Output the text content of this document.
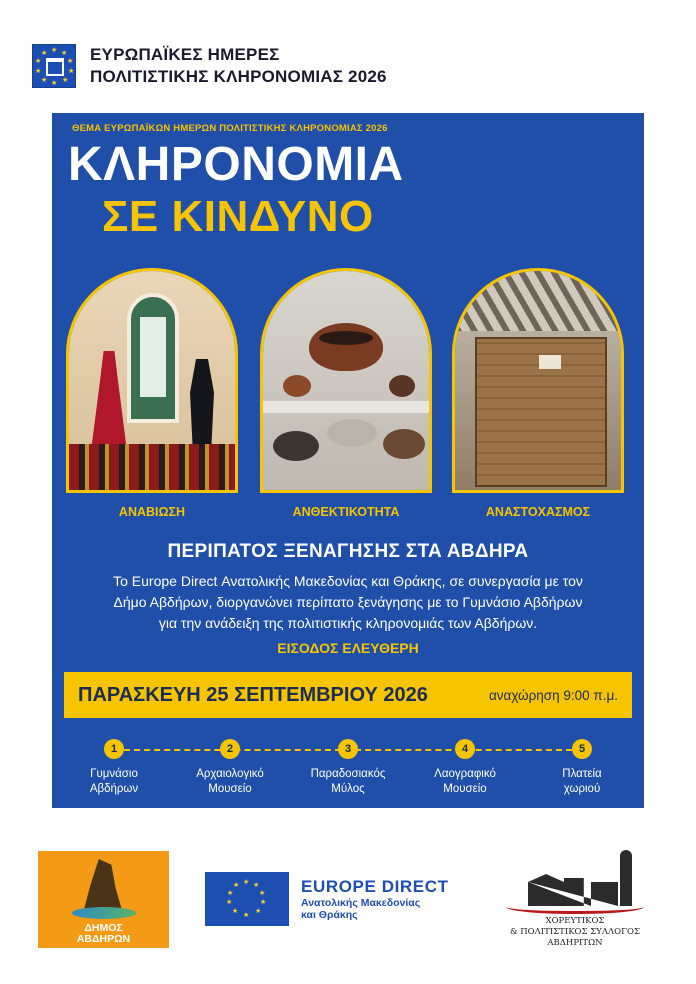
★ ★
★
★
★
★
★
★
★
★	ΕΥΡΩΠΑΪΚΕΣ ΗΜΕΡΕΣ
ΠΟΛΙΤΙΣΤΙΚΗΣ ΚΛΗΡΟΝΟΜΙΑΣ 2026
ΘΕΜΑ ΕΥΡΩΠΑΪΚΩΝ ΗΜΕΡΩΝ ΠΟΛΙΤΙΣΤΙΚΗΣ ΚΛΗΡΟΝΟΜΙΑΣ 2026
ΚΛΗΡΟΝΟΜΙΑ
ΣΕ ΚΙΝΔΥΝΟ
ΑΝΑΒΙΩΣΗ	ΑΝΘΕΚΤΙΚΟΤΗΤΑ	ΑΝΑΣΤΟΧΑΣΜΟΣ
ΠΕΡΙΠΑΤΟΣ ΞΕΝΑΓΗΣΗΣ ΣΤΑ ΑΒΔΗΡΑ
Το Europe Direct Ανατολικής Μακεδονίας και Θράκης, σε συνεργασία με τον
Δήμο Αβδήρων, διοργανώνει περίπατο ξενάγησης με το Γυμνάσιο Αβδήρων
για την ανάδειξη της πολιτιστικής κληρονομιάς των Αβδήρων.
ΕΙΣΟΔΟΣ ΕΛΕΥΘΕΡΗ
ΠΑΡΑΣΚΕΥΗ 25 ΣΕΠΤΕΜΒΡΙΟΥ 2026	αναχώρηση 9:00 π.μ.
1
Γυμνάσιο
Αβδήρων
2
Αρχαιολογικό
Μουσείο
3
Παραδοσιακός
Μύλος
4
Λαογραφικό
Μουσείο
5
Πλατεία
χωριού
ΔΗΜΟΣ
ΑΒΔΗΡΩΝ
★ ★
★
★
★
★
★
★
★
★	EUROPE DIRECT
Ανατολικής Μακεδονίας
και Θράκης	ΧΟΡΕΥΤΙΚΟΣ
& ΠΟΛΙΤΙΣΤΙΚΟΣ ΣΥΛΛΟΓΟΣ
ΑΒΔΗΡΙΤΩΝ
